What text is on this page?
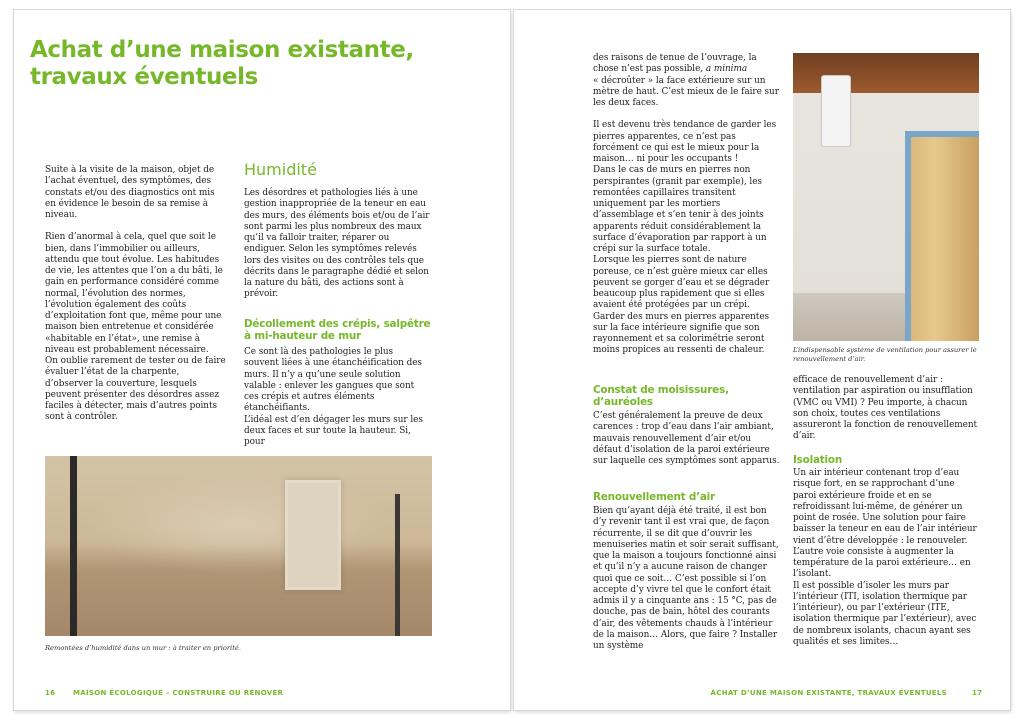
Achat d’une maison existante, travaux éventuels

Suite à la visite de la maison, objet de l’achat éventuel, des symptômes, des constats et/ou des diagnostics ont mis en évidence le besoin de sa remise à niveau.

Rien d’anormal à cela, quel que soit le bien, dans l’immobilier ou ailleurs, attendu que tout évolue. Les habitudes de vie, les attentes que l’on a du bâti, le gain en performance considéré comme normal, l’évolution des normes, l’évolution également des coûts d’exploitation font que, même pour une maison bien entretenue et considérée «habitable en l’état», une remise à niveau est probablement nécessaire.

On oublie rarement de tester ou de faire évaluer l’état de la charpente, d’observer la couverture, lesquels peuvent présenter des désordres assez faciles à détecter, mais d’autres points sont à contrôler.

Humidité

Les désordres et pathologies liés à une gestion inappropriée de la teneur en eau des murs, des éléments bois et/ou de l’air sont parmi les plus nombreux des maux qu’il va falloir traiter, réparer ou endiguer. Selon les symptômes relevés lors des visites ou des contrôles tels que décrits dans le paragraphe dédié et selon la nature du bâti, des actions sont à prévoir.

Décollement des crépis, salpêtre à mi-hauteur de mur

Ce sont là des pathologies le plus souvent liées à une étanchéification des murs. Il n’y a qu’une seule solution valable : enlever les gangues que sont ces crépis et autres éléments étanchéifiants.

L’idéal est d’en dégager les murs sur les deux faces et sur toute la hauteur. Si, pour

Remontées d’humidité dans un mur : à traiter en priorité.
16	MAISON ÉCOLOGIQUE – CONSTRUIRE OU RÉNOVER

des raisons de tenue de l’ouvrage, la chose n’est pas possible, a minima « décroûter » la face extérieure sur un mètre de haut. C’est mieux de le faire sur les deux faces.

Il est devenu très tendance de garder les pierres apparentes, ce n’est pas forcément ce qui est le mieux pour la maison… ni pour les occupants !

Dans le cas de murs en pierres non perspirantes (granit par exemple), les remontées capillaires transitent uniquement par les mortiers d’assemblage et s’en tenir à des joints apparents réduit considérablement la surface d’évaporation par rapport à un crépi sur la surface totale.

Lorsque les pierres sont de nature poreuse, ce n’est guère mieux car elles peuvent se gorger d’eau et se dégrader beaucoup plus rapidement que si elles avaient été protégées par un crépi.

Garder des murs en pierres apparentes sur la face intérieure signifie que son rayonnement et sa colorimétrie seront moins propices au ressenti de chaleur.

Constat de moisissures, d’auréoles

C’est généralement la preuve de deux carences : trop d’eau dans l’air ambiant, mauvais renouvellement d’air et/ou défaut d’isolation de la paroi extérieure sur laquelle ces symptômes sont apparus.

Renouvellement d’air

Bien qu’ayant déjà été traité, il est bon d’y revenir tant il est vrai que, de façon récurrente, il se dit que d’ouvrir les menuiseries matin et soir serait suffisant, que la maison a toujours fonctionné ainsi et qu’il n’y a aucune raison de changer quoi que ce soit… C’est possible si l’on accepte d’y vivre tel que le confort était admis il y a cinquante ans : 15 °C, pas de douche, pas de bain, hôtel des courants d’air, des vêtements chauds à l’intérieur de la maison… Alors, que faire ? Installer un système

L’indispensable système de ventilation pour assurer le renouvellement d’air.

efficace de renouvellement d’air : ventilation par aspiration ou insufflation (VMC ou VMI) ? Peu importe, à chacun son choix, toutes ces ventilations assureront la fonction de renouvellement d’air.

Isolation

Un air intérieur contenant trop d’eau risque fort, en se rapprochant d’une paroi extérieure froide et en se refroidissant lui-même, de générer un point de rosée. Une solution pour faire baisser la teneur en eau de l’air intérieur vient d’être développée : le renouveler. L’autre voie consiste à augmenter la température de la paroi extérieure… en l’isolant.

Il est possible d’isoler les murs par l’intérieur (ITI, isolation thermique par l’intérieur), ou par l’extérieur (ITE, isolation thermique par l’extérieur), avec de nombreux isolants, chacun ayant ses qualités et ses limites…

ACHAT D’UNE MAISON EXISTANTE, TRAVAUX ÉVENTUELS	17
